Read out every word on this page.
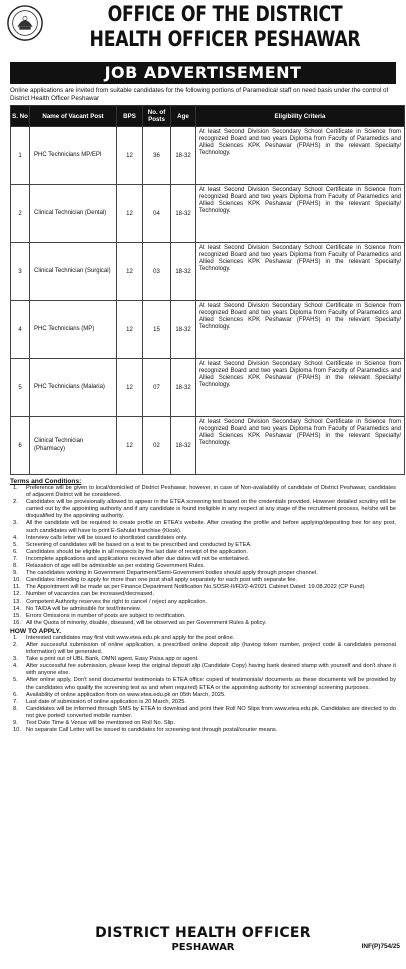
OFFICE OF THE DISTRICT
HEALTH OFFICER PESHAWAR
JOB ADVERTISEMENT
Online applications are invited from suitable candidates for the following portions of Paramedical staff on need basis under the control of District Health Officer Peshawar
S. No	Name of Vacant Post	BPS	No. of Posts	Age	Eligibility Criteria
1	PHC Technicians MP/EPI	12	36	18-32	At least Second Division Secondary School Certificate in Science from recognized Board and two years Diploma from Faculty of Paramedics and Allied Sciences KPK Peshawar (FPAHS) in the relevant Specialty/ Technology.
2	Clinical Technician (Dental)	12	04	18-32	At least Second Division Secondary School Certificate in Science from recognized Board and two years Diploma from Faculty of Paramedics and Allied Sciences KPK Peshawar (FPAHS) in the relevant Specialty/ Technology.
3	Clinical Technician (Surgical)	12	03	18-32	At least Second Division Secondary School Certificate in Science from recognized Board and two years Diploma from Faculty of Paramedics and Allied Sciences KPK Peshawar (FPAHS) in the relevant Specialty/ Technology.
4	PHC Technicians (MP)	12	15	18-32	At least Second Division Secondary School Certificate in Science from recognized Board and two years Diploma from Faculty of Paramedics and Allied Sciences KPK Peshawar (FPAHS) in the relevant Specialty/ Technology.
5	PHC Technicians (Malaria)	12	07	18-32	At least Second Division Secondary School Certificate in Science from recognized Board and two years Diploma from Faculty of Paramedics and Allied Sciences KPK Peshawar (FPAHS) in the relevant Specialty/ Technology.
6	Clinical Technician (Pharmacy)	12	02	18-32	At least Second Division Secondary School Certificate in Science from recognized Board and two years Diploma from Faculty of Paramedics and Allied Sciences KPK Peshawar (FPAHS) in the relevant Specialty/ Technology.
Terms and Conditions:
1.	Preference will be given to local/domiciled of District Peshawar, however, in case of Non-availability of candidate of District Peshawar, candidates of adjacent District will be considered.
2.	Candidates will be provisionally allowed to appear in the ETEA screening test based on the credentials provided. However detailed scrutiny will be carried out by the appointing authority and if any candidate is found ineligible in any respect at any stage of the recruitment process, he/she will be disqualified by the appointing authority.
3.	All the candidate will be required to create profile on ETEA's website. After creating the profile and before applying/depositing free for any post, such candidates will have to print E-Sahulat franchise (Kiosk).
4.	Interview calls letter will be issued to shortlisted candidates only.
5.	Screening of candidates will be based on a test to be prescribed and conducted by ETEA.
6.	Candidates should be eligible in all respects by the last date of receipt of the application.
7.	Incomplete applications and applications received after due dates will not be entertained.
8.	Relaxation of age will be admissible as per existing Government Rules.
9.	The candidates working in Government Department/Semi-Government bodies should apply through proper channel.
10. Candidates intending to apply for more than one post shall apply separately for each post with separate fee.
11. The Appointment will be made as per Finance Department Notification No.SOSR-II/FD/2-4/2021 Cabinet Dated: 19.08.2022 (CP Fund)
12. Number of vacancies can be increased/decreased.
13. Competent Authority reserves the right to cancel / reject any application.
14. No TA/DA will be admissible for test/Interview.
15. Errors Omissions in number of posts are subject to rectification.
16. All the Quota of minority, disable, diseased, will be observed as per Government Rules & policy.
HOW TO APPLY.
1.	Interested candidates may first visit www.etea.edu.pk and apply for the post online.
2.	After successful submission of online application, a prescribed online deposit slip (having token number, project code & candidates personal information) will be generated.
3.	Take a print out of UBL Bank, OMNI agent, Easy Paisa app or agent.
4.	After successful fee submission, please keep the original deposit slip (Candidate Copy) having bank desired stamp with yourself and don't share it with anyone else.
5.	After online apply, Don't send documents/ testimonials to ETEA office: copied of testimonials/ documents as these documents will be provided by the candidates who qualify the screening test as and when required) ETEA or the appointing authority for screening/ screening purposes.
6.	Availability of online application from on www.etea.edu.pk on 05th March, 2025.
7.	Last date of submission of online application is 20 March, 2025.
8.	Candidates will be informed through SMS by ETEA to download and print their Roll NO Slips from www.etea.edu.pk. Candidates are directed to do not give ported/ converted mobile number.
9.	Test Date Time & Venue will be mentioned on Roll No. Slip.
10. No separate Call Letter will be issued to candidates for screening test through postal/courier means.
DISTRICT HEALTH OFFICER
PESHAWAR	INF(P)754/25
